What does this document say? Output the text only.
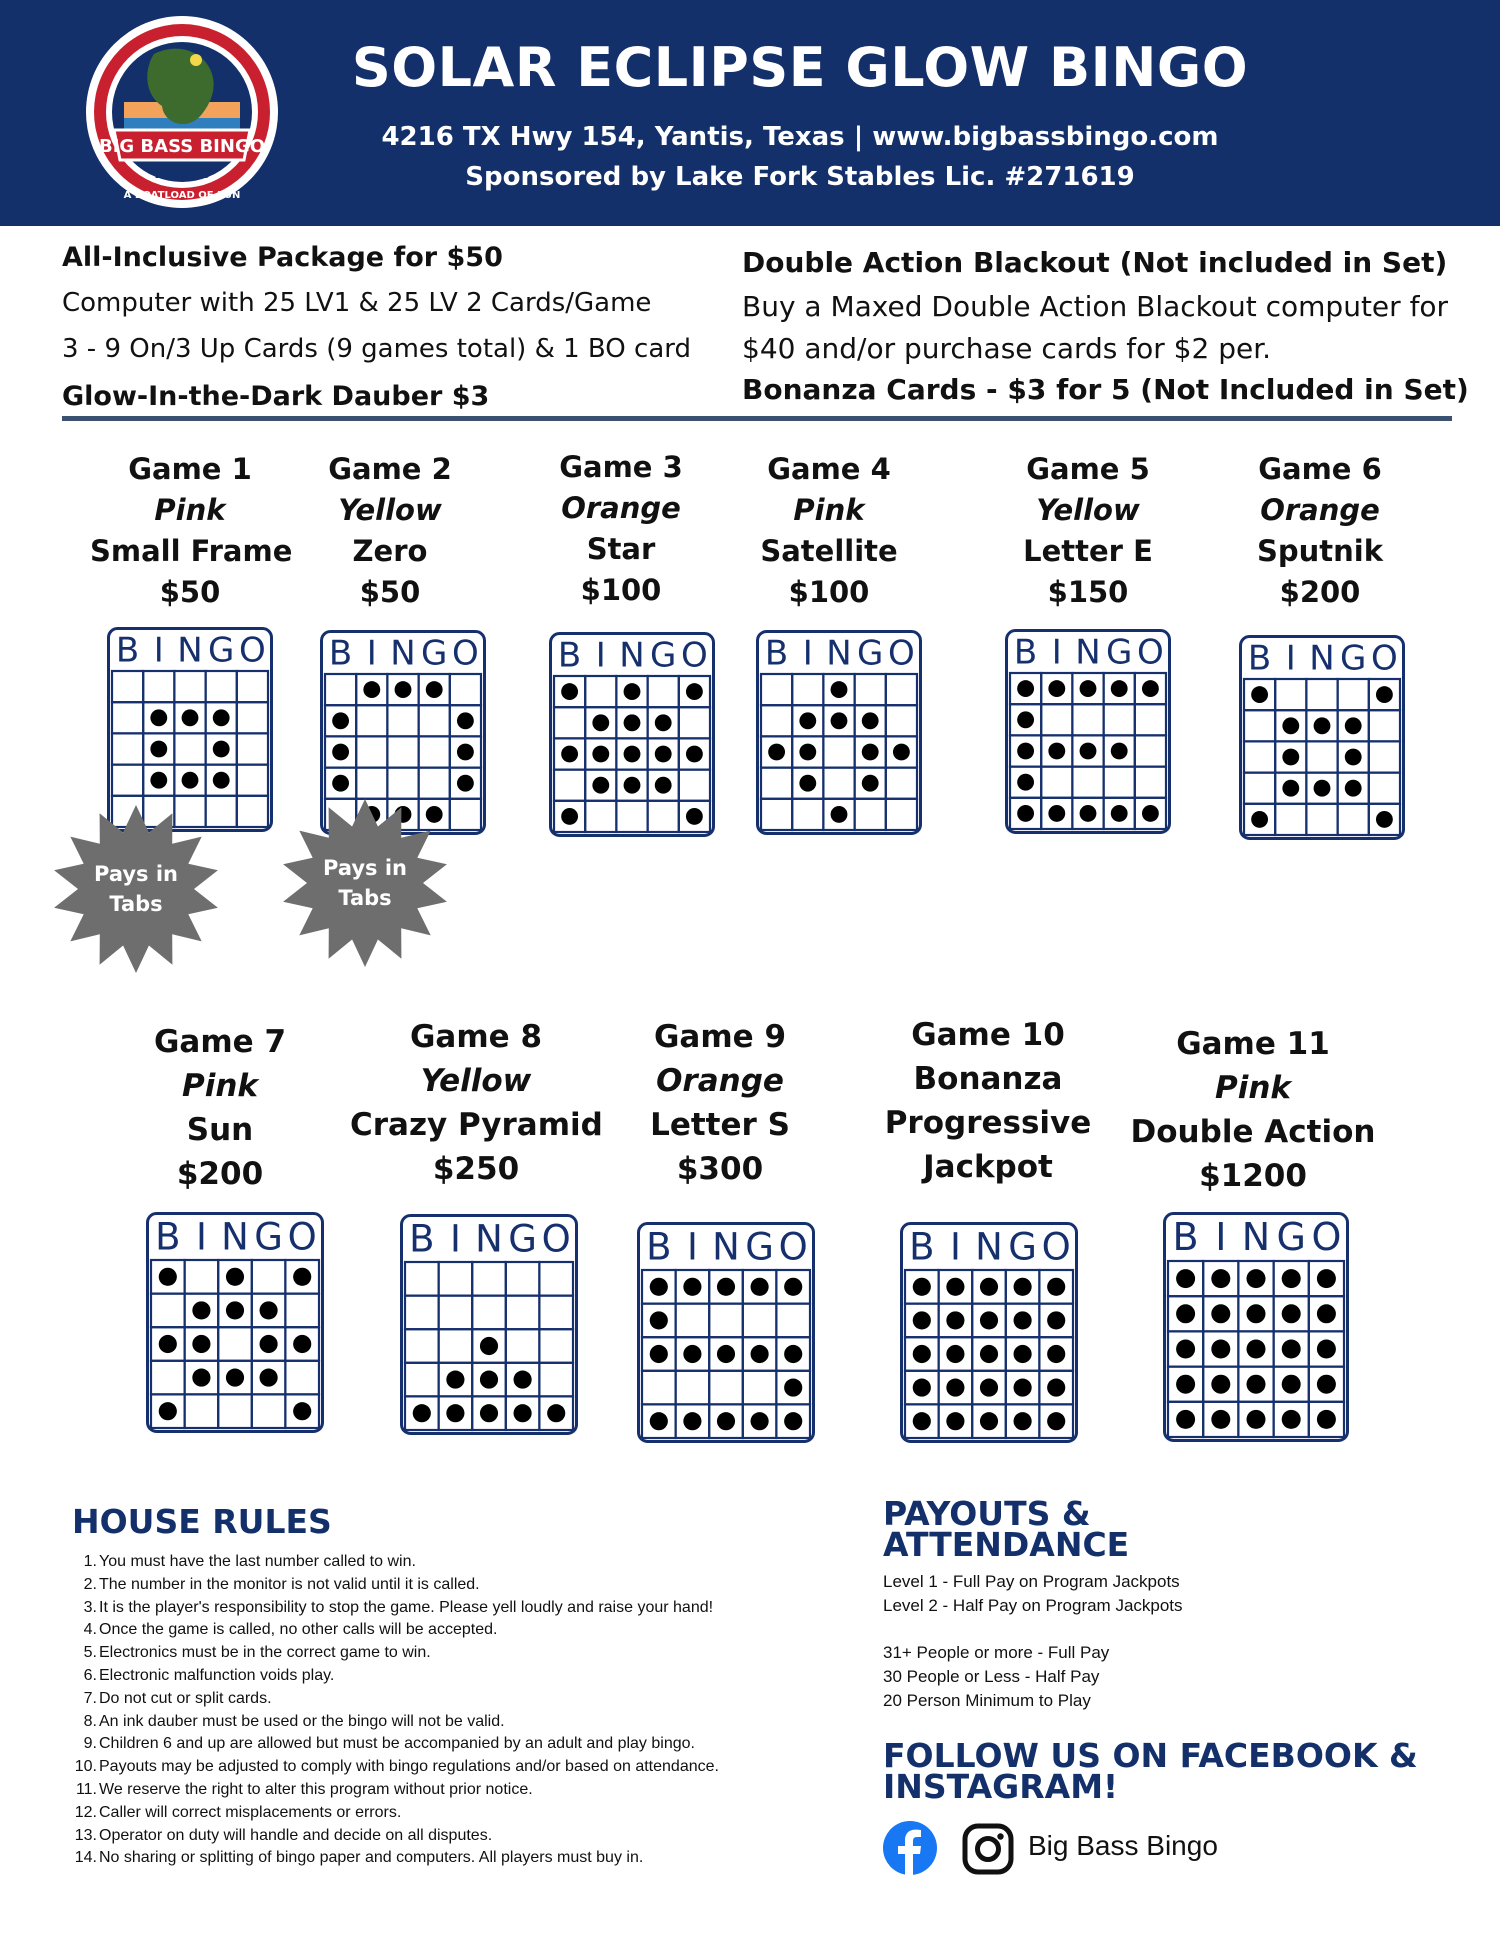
BIG BASS BINGO
ESTD 2023
A BOATLOAD OF FUN
SOLAR ECLIPSE GLOW BINGO
4216 TX Hwy 154, Yantis, Texas | www.bigbassbingo.com
Sponsored by Lake Fork Stables Lic. #271619
All-Inclusive Package for $50
Computer with 25 LV1 & 25 LV 2 Cards/Game
3 - 9 On/3 Up Cards (9 games total) & 1 BO card
Glow-In-the-Dark Dauber $3
Double Action Blackout (Not included in Set)
Buy a Maxed Double Action Blackout computer for
$40 and/or purchase cards for $2 per.
Bonanza Cards - $3 for 5 (Not Included in Set)
Game 1
Pink
Small Frame
$50
Game 2
Yellow
Zero
$50
Game 3
Orange
Star
$100
Game 4
Pink
Satellite
$100
Game 5
Yellow
Letter E
$150
Game 6
Orange
Sputnik
$200
Game 7
Pink
Sun
$200
Game 8
Yellow
Crazy Pyramid
$250
Game 9
Orange
Letter S
$300
Game 10
Bonanza
Progressive
Jackpot
Game 11
Pink
Double Action
$1200
B I N G O B I N G O B I N G O B I N G O	B I N G O B I N G O
B I N G O B I N G O B I N G O	B I N G O	B I N G O
Pays in
Tabs
Pays in
Tabs
HOUSE RULES
1. You must have the last number called to win.
2. The number in the monitor is not valid until it is called.
3. It is the player's responsibility to stop the game. Please yell loudly and raise your hand!
4. Once the game is called, no other calls will be accepted.
5. Electronics must be in the correct game to win.
6. Electronic malfunction voids play.
7. Do not cut or split cards.
8. An ink dauber must be used or the bingo will not be valid.
9. Children 6 and up are allowed but must be accompanied by an adult and play bingo.
10. Payouts may be adjusted to comply with bingo regulations and/or based on attendance.
11. We reserve the right to alter this program without prior notice.
12. Caller will correct misplacements or errors.
13. Operator on duty will handle and decide on all disputes.
14. No sharing or splitting of bingo paper and computers. All players must buy in.
PAYOUTS &
ATTENDANCE
Level 1 - Full Pay on Program Jackpots
Level 2 - Half Pay on Program Jackpots
31+ People or more - Full Pay
30 People or Less - Half Pay
20 Person Minimum to Play
FOLLOW US ON FACEBOOK &
INSTAGRAM!
Big Bass Bingo
